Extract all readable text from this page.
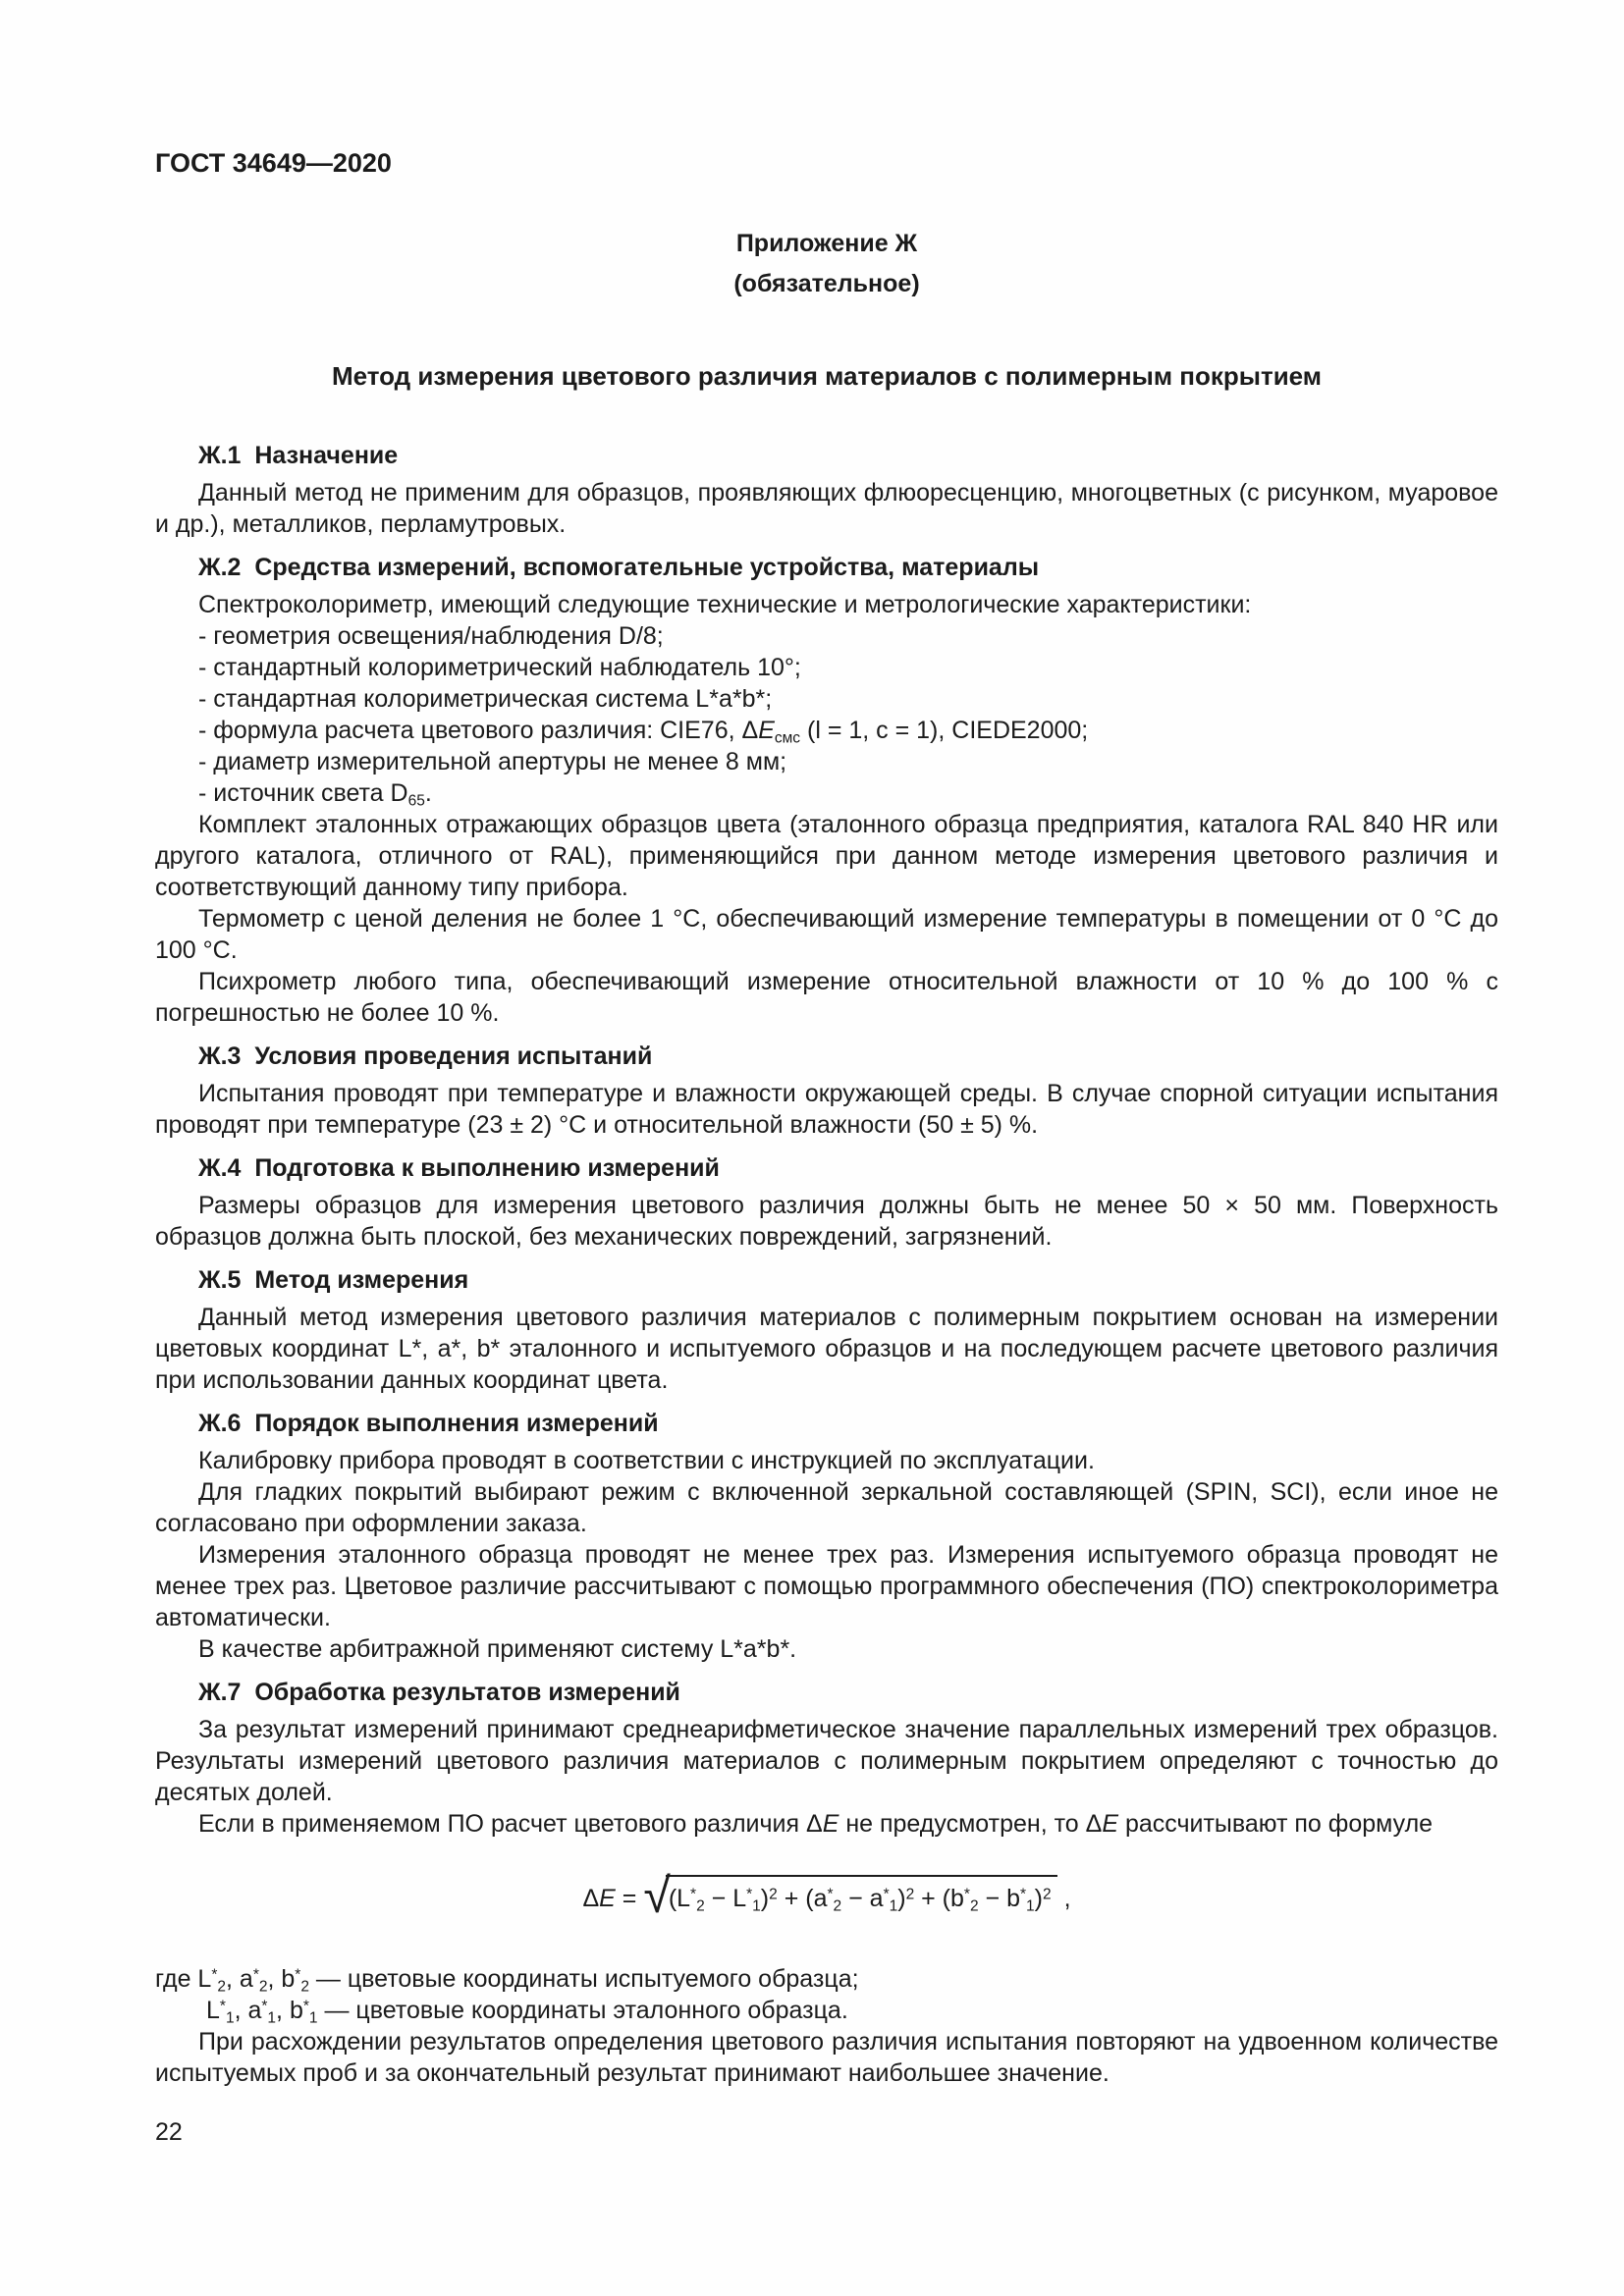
ГОСТ 34649—2020
Приложение Ж
(обязательное)
Метод измерения цветового различия материалов с полимерным покрытием
Ж.1  Назначение

Данный метод не применим для образцов, проявляющих флюоресценцию, многоцветных (с рисунком, муаровое и др.), металликов, перламутровых.

Ж.2  Средства измерений, вспомогательные устройства, материалы

Спектроколориметр, имеющий следующие технические и метрологические характеристики:

- геометрия освещения/наблюдения D/8;

- стандартный колориметрический наблюдатель 10°;

- стандартная колориметрическая система L*a*b*;

- формула расчета цветового различия: CIE76, $\Delta E_{смс}$ (l = 1, c = 1), CIEDE2000;

- диаметр измерительной апертуры не менее 8 мм;

- источник света $D_{65}$.

Комплект эталонных отражающих образцов цвета (эталонного образца предприятия, каталога RAL 840 HR или другого каталога, отличного от RAL), применяющийся при данном методе измерения цветового различия и соответствующий данному типу прибора.

Термометр с ценой деления не более 1 °С, обеспечивающий измерение температуры в помещении от 0 °С до 100 °С.

Психрометр любого типа, обеспечивающий измерение относительной влажности от 10 % до 100 % с погрешностью не более 10 %.

Ж.3  Условия проведения испытаний

Испытания проводят при температуре и влажности окружающей среды. В случае спорной ситуации испытания проводят при температуре (23 ± 2) °С и относительной влажности (50 ± 5) %.

Ж.4  Подготовка к выполнению измерений

Размеры образцов для измерения цветового различия должны быть не менее 50 × 50 мм. Поверхность образцов должна быть плоской, без механических повреждений, загрязнений.

Ж.5  Метод измерения

Данный метод измерения цветового различия материалов с полимерным покрытием основан на измерении цветовых координат L*, a*, b* эталонного и испытуемого образцов и на последующем расчете цветового различия при использовании данных координат цвета.

Ж.6  Порядок выполнения измерений

Калибровку прибора проводят в соответствии с инструкцией по эксплуатации.

Для гладких покрытий выбирают режим с включенной зеркальной составляющей (SPIN, SCI), если иное не согласовано при оформлении заказа.

Измерения эталонного образца проводят не менее трех раз. Измерения испытуемого образца проводят не менее трех раз. Цветовое различие рассчитывают с помощью программного обеспечения (ПО) спектроколориметра автоматически.

В качестве арбитражной применяют систему L*a*b*.

Ж.7  Обработка результатов измерений

За результат измерений принимают среднеарифметическое значение параллельных измерений трех образцов. Результаты измерений цветового различия материалов с полимерным покрытием определяют с точностью до десятых долей.

Если в применяемом ПО расчет цветового различия ΔE не предусмотрен, то ΔE рассчитывают по формуле

$\Delta E = √(L^*_2 - L^*_1)^2 + (a^*_2 - a^*_1)^2 + (b^*_2 - b^*_1)^2$ ,

где $L^*_2$, $a^*_2$, $b^*_2$ — цветовые координаты испытуемого образца;

$L^*_1$, $a^*_1$, $b^*_1$ — цветовые координаты эталонного образца.

При расхождении результатов определения цветового различия испытания повторяют на удвоенном количестве испытуемых проб и за окончательный результат принимают наибольшее значение.

22
